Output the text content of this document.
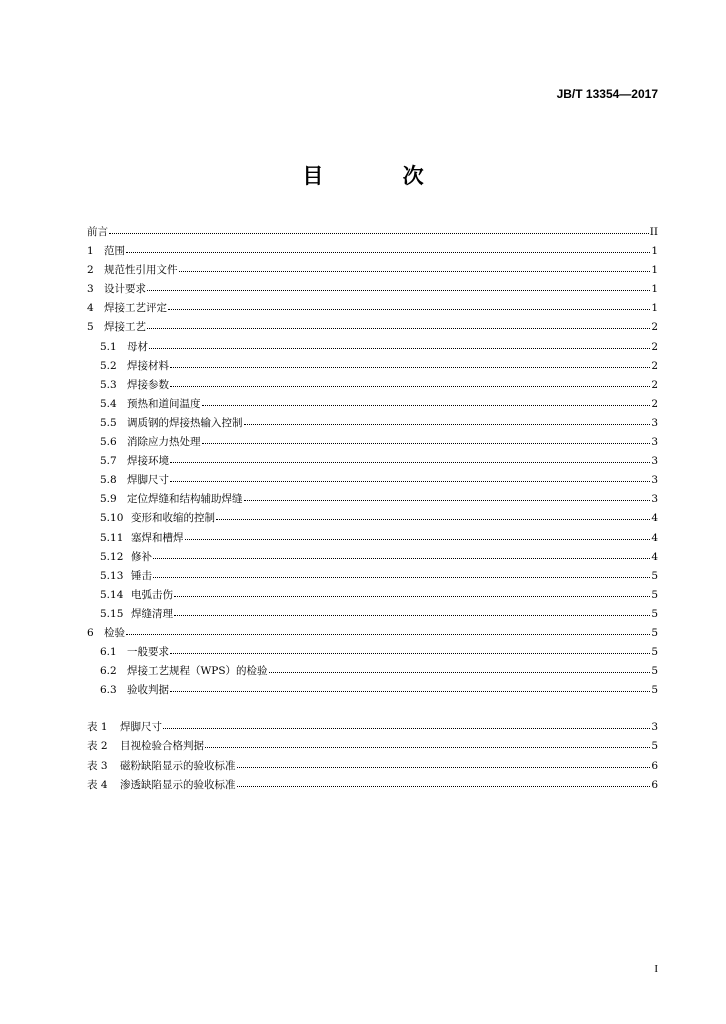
JB/T 13354—2017
目 次
前言	II
1 范围	1
2 规范性引用文件	1
3 设计要求	1
4 焊接工艺评定	1
5 焊接工艺	2
5.1 母材	2
5.2 焊接材料	2
5.3 焊接参数	2
5.4 预热和道间温度	2
5.5 调质钢的焊接热输入控制	3
5.6 消除应力热处理	3
5.7 焊接环境	3
5.8 焊脚尺寸	3
5.9 定位焊缝和结构辅助焊缝	3
5.10 变形和收缩的控制	4
5.11 塞焊和槽焊	4
5.12 修补	4
5.13 锤击	5
5.14 电弧击伤	5
5.15 焊缝清理	5
6 检验	5
6.1 一般要求	5
6.2 焊接工艺规程（WPS）的检验	5
6.3 验收判据	5
表 1	焊脚尺寸	3
表 2	目视检验合格判据	5
表 3	磁粉缺陷显示的验收标准	6
表 4	渗透缺陷显示的验收标准	6
I
